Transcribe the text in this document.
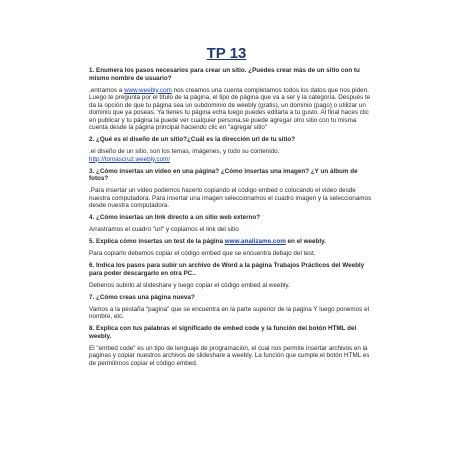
TP 13

1. Enumera los pasos necesarios para crear un sitio. ¿Puedes crear más de un sitio con tu mismo nombre de usuario?

.entramos a www.weebly.com nos creamos una cuenta completamos todos los datos que nos piden. Luego te pregunta por el título de la página, el tipo de página que va a ser y la categoría. Después te da la opción de que tu página sea un subdominio de weebly (gratis), un dominio (pago) o utilizar un dominio que ya poseas. Ya tienes tu página echa luego puedes editarla a tu gusto. Al final haces clic en publicar y tu página la puede ver cualquier persona.se puede agregar otro sitio con tu misma cuenta desde la página principal haciendo clic en "agregar sitio"

2. ¿Qué es el diseño de un sitio?¿Cuál es la dirección url de tu sitio?

.el diseño de un sitio, son los temas, imágenes, y todo su contenido.
http://tomascruz.weebly.com/

3. ¿Cómo insertas un video en una página? ¿Cómo insertas una imagen? ¿Y un álbum de fotos?

.Para insertar un video podemos hacerlo copiando el código embed o colocando el video desde nuestra computadora. Para insertar una imagen seleccionamos el cuadro imagen y la seleccionamos desde nuestra computadora.

4. ¿Cómo insertas un link directo a un sitio web externo?

Arrastramos el cuadro "url" y copiamos el link del sitio

5. Explica cómo insertas un test de la página www.analizame.com en el weebly.

Para copiarlo debemos copiar el código embed que se encuentra debajo del test.

6. Indica los pasos para subir un archivo de Word a la página Trabajos Prácticos del Weebly para poder descargarlo en otra PC..

Debenos subirlo al slideshare y luego copiar el código embed al weebly.

7. ¿Cómo creas una página nueva?

Vamos a la pestaña "pagina" que se encuentra en la parte superior de la pagina Y luego ponemos el nombre, etc.

8. Explica con tus palabras el significado de embed code y la función del botón HTML del weebly.

El "embed code" es un tipo de lenguaje de programación, el cual nos permite insertar archivos en la paginas y copiar nuestros archivos de slideshare a weebly. La función que cumple el botón HTML es de permitirnos copiar el código embed.
